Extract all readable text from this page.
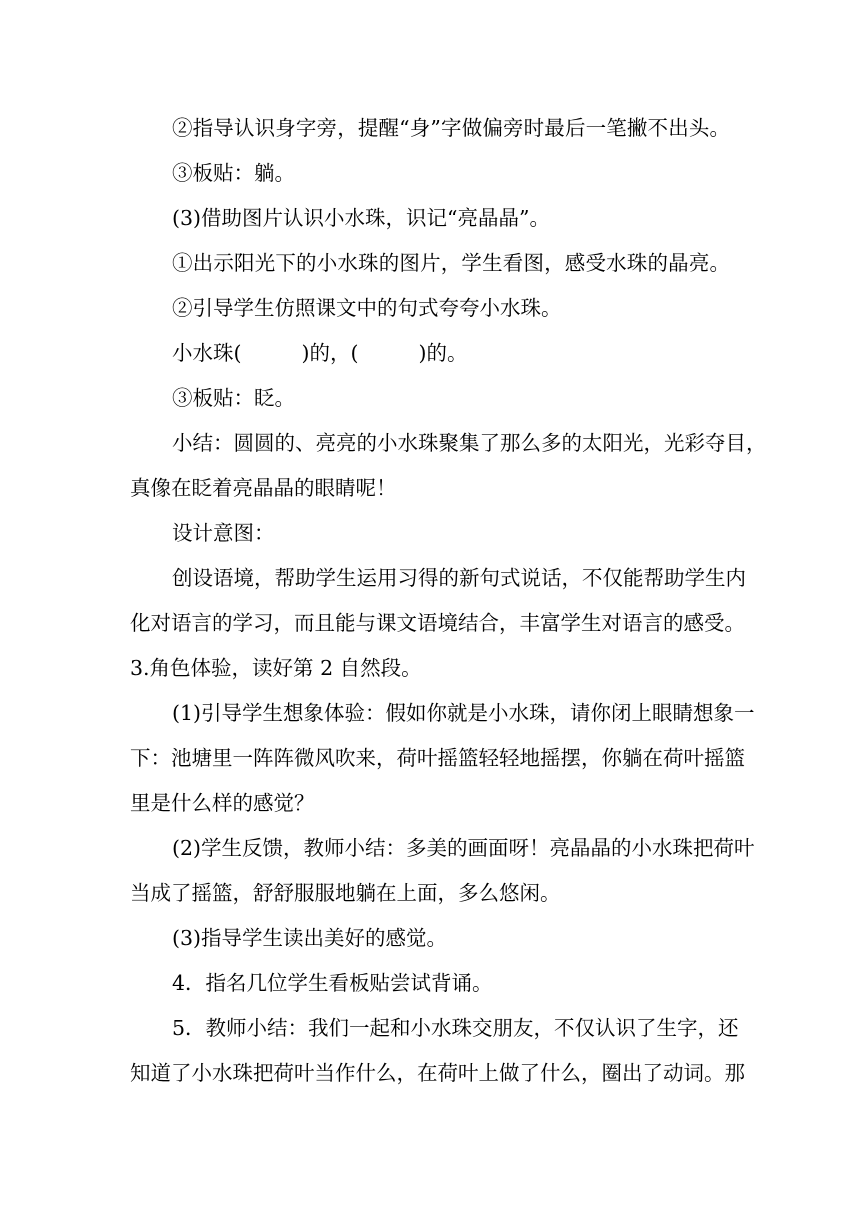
②指导认识身字旁，提醒“身”字做偏旁时最后一笔撇不出头。
③板贴：躺。
(3)借助图片认识小水珠，识记“亮晶晶”。
①出示阳光下的小水珠的图片，学生看图，感受水珠的晶亮。
②引导学生仿照课文中的句式夸夸小水珠。
小水珠(	)的，(	)的。
③板贴：眨。
小结：圆圆的、亮亮的小水珠聚集了那么多的太阳光，光彩夺目，
真像在眨着亮晶晶的眼睛呢！
设计意图：
创设语境，帮助学生运用习得的新句式说话，不仅能帮助学生内
化对语言的学习，而且能与课文语境结合，丰富学生对语言的感受。
3.角色体验，读好第 2 自然段。
(1)引导学生想象体验：假如你就是小水珠，请你闭上眼睛想象一
下：池塘里一阵阵微风吹来，荷叶摇篮轻轻地摇摆，你躺在荷叶摇篮
里是什么样的感觉？
(2)学生反馈，教师小结：多美的画面呀！亮晶晶的小水珠把荷叶
当成了摇篮，舒舒服服地躺在上面，多么悠闲。
(3)指导学生读出美好的感觉。
4．指名几位学生看板贴尝试背诵。
5．教师小结：我们一起和小水珠交朋友，不仅认识了生字，还
知道了小水珠把荷叶当作什么，在荷叶上做了什么，圈出了动词。那
